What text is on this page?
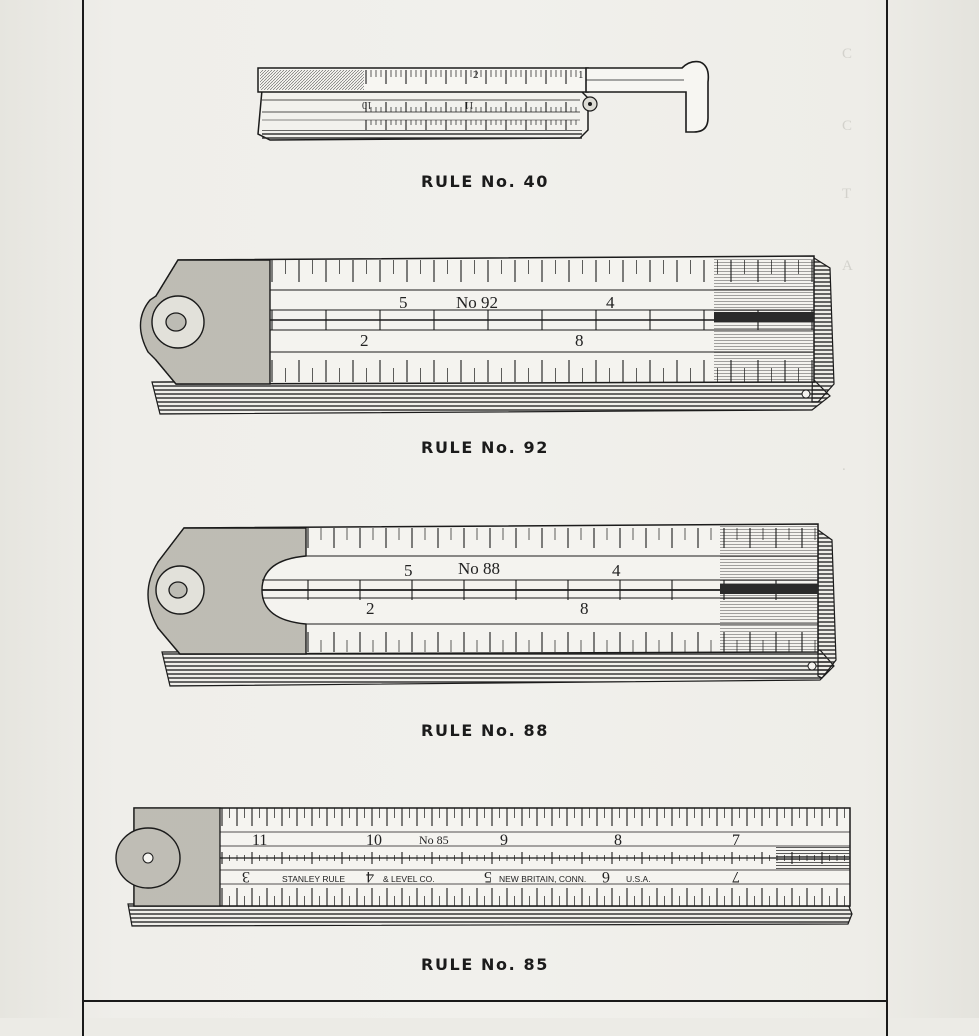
C
C
T
A
.
2	1
10	11
5	No 92	4
2	8
5	No 88	4
2	8
11	10	No 85	9	8	7
3	4	5	6	7
STANLEY RULE	& LEVEL CO.	NEW BRITAIN, CONN.	U.S.A.
RULE No. 40
RULE No. 92
RULE No. 88
RULE No. 85
